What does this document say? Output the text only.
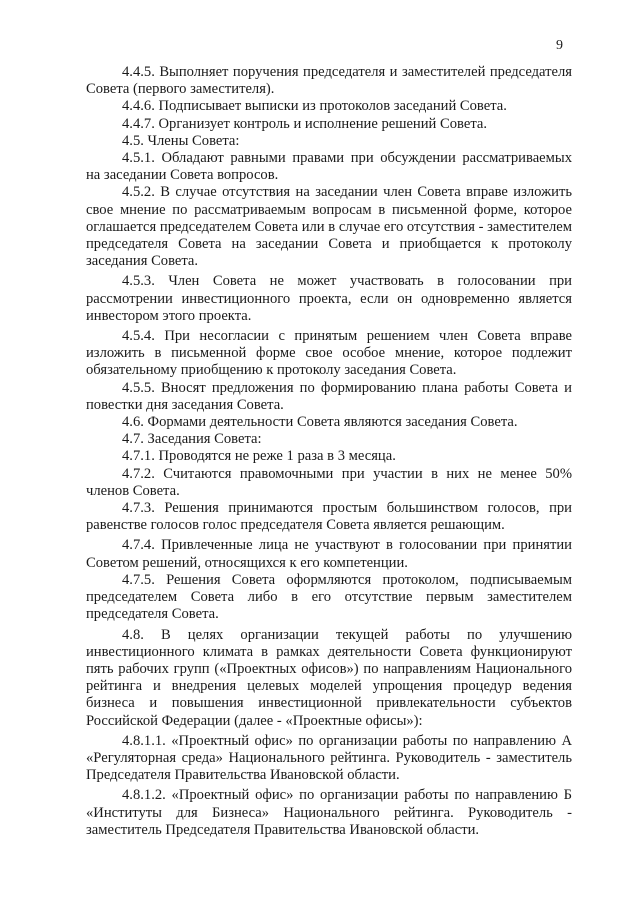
9

4.4.5. Выполняет поручения председателя и заместителей председателя Совета (первого заместителя).

4.4.6. Подписывает выписки из протоколов заседаний Совета.

4.4.7. Организует контроль и исполнение решений Совета.

4.5. Члены Совета:

4.5.1. Обладают равными правами при обсуждении рассматриваемых на заседании Совета вопросов.

4.5.2. В случае отсутствия на заседании член Совета вправе изложить свое мнение по рассматриваемым вопросам в письменной форме, которое оглашается председателем Совета или в случае его отсутствия - заместителем председателя Совета на заседании Совета и приобщается к протоколу заседания Совета.

4.5.3. Член Совета не может участвовать в голосовании при рассмотрении инвестиционного проекта, если он одновременно является инвестором этого проекта.

4.5.4. При несогласии с принятым решением член Совета вправе изложить в письменной форме свое особое мнение, которое подлежит обязательному приобщению к протоколу заседания Совета.

4.5.5. Вносят предложения по формированию плана работы Совета и повестки дня заседания Совета.

4.6. Формами деятельности Совета являются заседания Совета.

4.7. Заседания Совета:

4.7.1. Проводятся не реже 1 раза в 3 месяца.

4.7.2. Считаются правомочными при участии в них не менее 50% членов Совета.

4.7.3. Решения принимаются простым большинством голосов, при равенстве голосов голос председателя Совета является решающим.

4.7.4. Привлеченные лица не участвуют в голосовании при принятии Советом решений, относящихся к его компетенции.

4.7.5. Решения Совета оформляются протоколом, подписываемым председателем Совета либо в его отсутствие первым заместителем председателя Совета.

4.8. В целях организации текущей работы по улучшению инвестиционного климата в рамках деятельности Совета функционируют пять рабочих групп («Проектных офисов») по направлениям Национального рейтинга и внедрения целевых моделей упрощения процедур ведения бизнеса и повышения инвестиционной привлекательности субъектов Российской Федерации (далее - «Проектные офисы»):

4.8.1.1. «Проектный офис» по организации работы по направлению А «Регуляторная среда» Национального рейтинга. Руководитель - заместитель Председателя Правительства Ивановской области.

4.8.1.2. «Проектный офис» по организации работы по направлению Б «Институты для Бизнеса» Национального рейтинга. Руководитель - заместитель Председателя Правительства Ивановской области.
